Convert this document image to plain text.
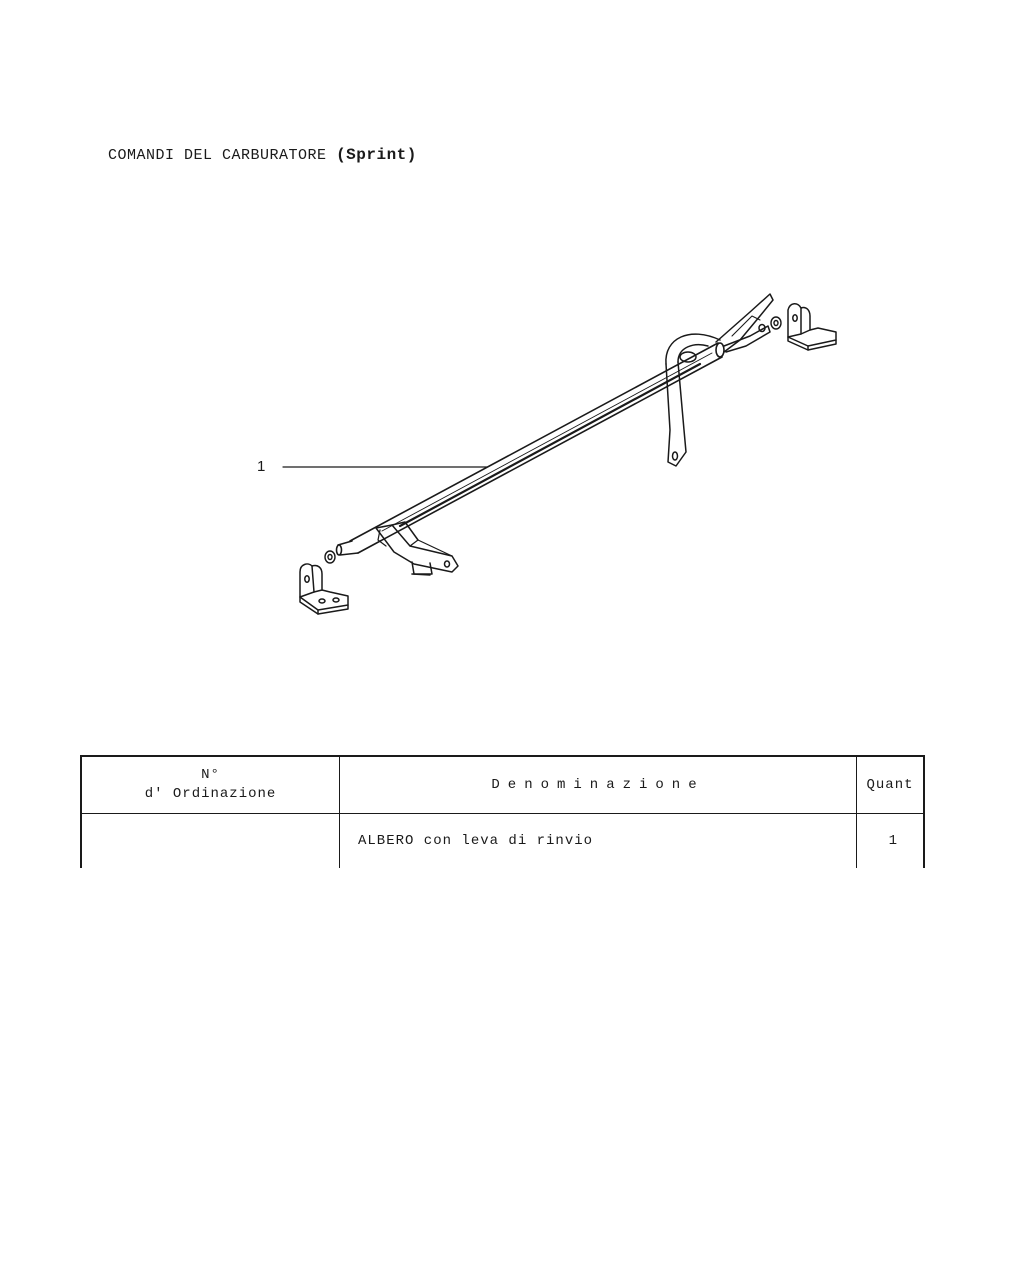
COMANDI DEL CARBURATORE (Sprint)
1
N°
d' Ordinazione	Denominazione	Quant
	ALBERO con leva di rinvio	1
